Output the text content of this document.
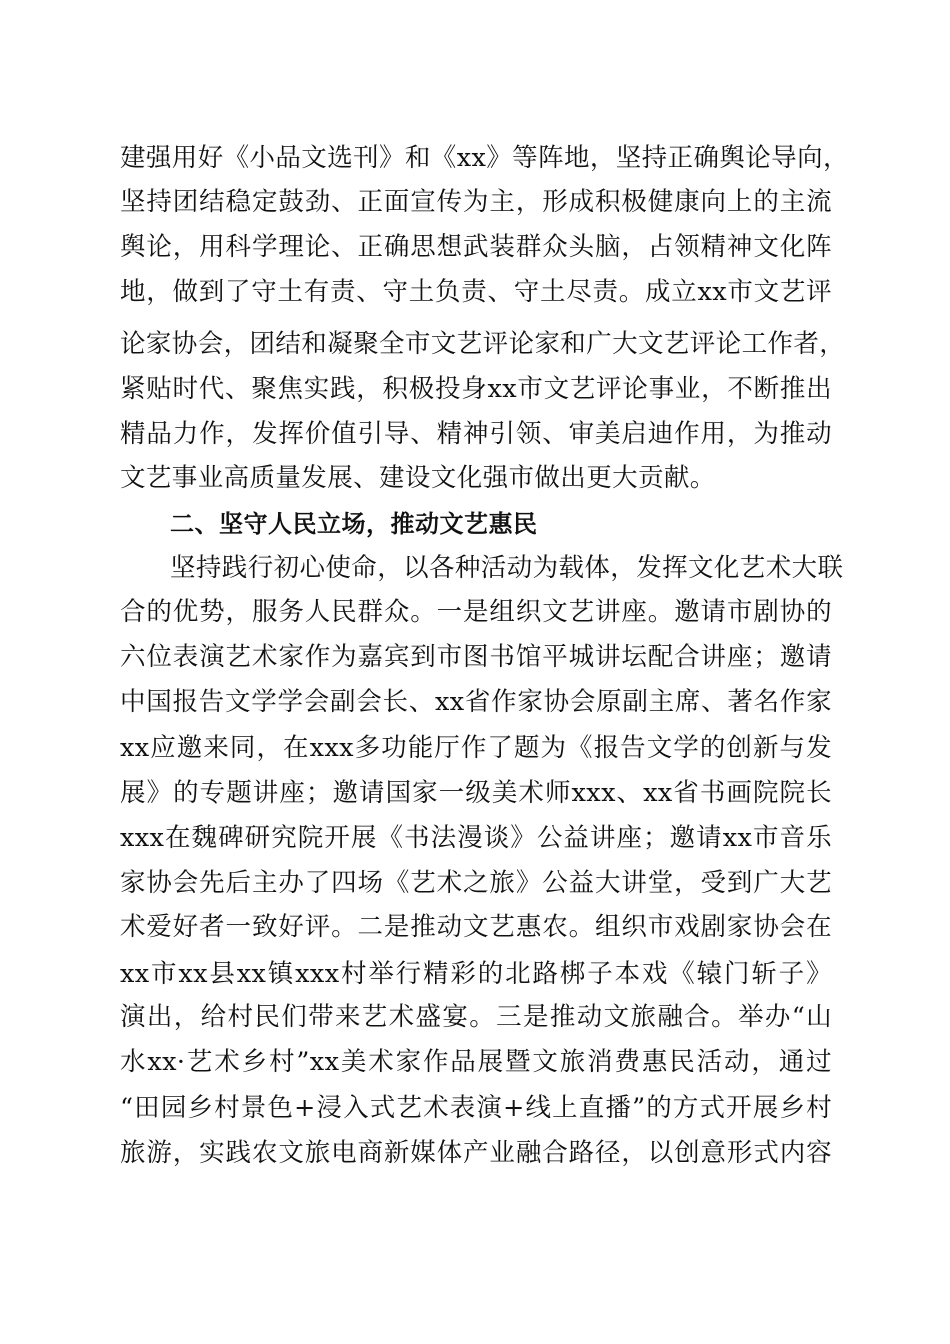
建强用好《小品文选刊》和《xx》等阵地，坚持正确舆论导向，
坚持团结稳定鼓劲、正面宣传为主，形成积极健康向上的主流
舆论，用科学理论、正确思想武装群众头脑，占领精神文化阵
地，做到了守土有责、守土负责、守土尽责。成立xx市文艺评
论家协会，团结和凝聚全市文艺评论家和广大文艺评论工作者，
紧贴时代、聚焦实践，积极投身xx市文艺评论事业，不断推出
精品力作，发挥价值引导、精神引领、审美启迪作用，为推动
文艺事业高质量发展、建设文化强市做出更大贡献。
二、坚守人民立场，推动文艺惠民
坚持践行初心使命，以各种活动为载体，发挥文化艺术大联
合的优势，服务人民群众。一是组织文艺讲座。邀请市剧协的
六位表演艺术家作为嘉宾到市图书馆平城讲坛配合讲座；邀请
中国报告文学学会副会长、xx省作家协会原副主席、著名作家
xx应邀来同，在xxx多功能厅作了题为《报告文学的创新与发
展》的专题讲座；邀请国家一级美术师xxx、xx省书画院院长
xxx在魏碑研究院开展《书法漫谈》公益讲座；邀请xx市音乐
家协会先后主办了四场《艺术之旅》公益大讲堂，受到广大艺
术爱好者一致好评。二是推动文艺惠农。组织市戏剧家协会在
xx市xx县xx镇xxx村举行精彩的北路梆子本戏《辕门斩子》
演出，给村民们带来艺术盛宴。三是推动文旅融合。举办“山
水xx·艺术乡村”xx美术家作品展暨文旅消费惠民活动，通过
“田园乡村景色+浸入式艺术表演+线上直播”的方式开展乡村
旅游，实践农文旅电商新媒体产业融合路径，以创意形式内容
